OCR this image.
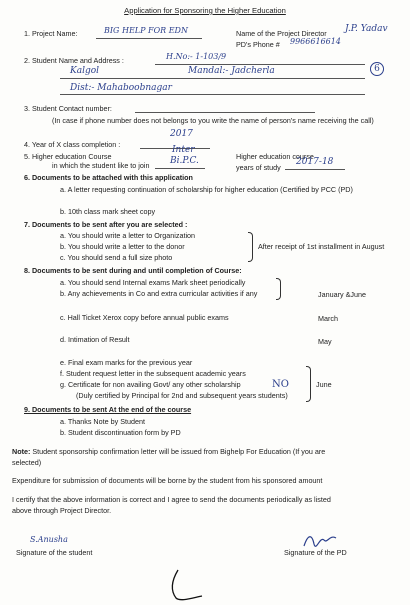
Application for Sponsoring the Higher Education
1. Project Name:	BIG HELP FOR EDN	Name of the Project Director J.P. Yadav
PD's Phone # 9966616614
2. Student Name and Address :	H.No:- 1-103/9
Kalgol	Mandal:- Jadcherla	6
Dist:- Mahaboobnagar
3. Student Contact number:
(In case if phone number does not belongs to you write the name of person's name receiving the call)
4. Year of X class completion :
2017
5. Higher education Course
in which the student like to join
Inter
Bi.P.C.	Higher education course
years of study
2017-18
6. Documents to be attached with this application
a. A letter requesting continuation of scholarship for higher education (Certified by PCC (PD)
b. 10th class mark sheet copy
7. Documents to be sent after you are selected :
a. You should write a letter to Organization
b. You should write a letter to the donor
c. You should send a full size photo
After receipt of 1st installment in August
8. Documents to be sent during and until completion of Course:
a. You should send Internal exams Mark sheet periodically
b. Any achievements in Co and extra curricular activities if any	January &June
c. Hall Ticket Xerox copy before annual public exams	March
d. Intimation of Result	May
e. Final exam marks for the previous year
f. Student request letter in the subsequent academic years
g. Certificate for non availing Govt/ any other scholarship	NO
(Duly certified by Principal for 2nd and subsequent years students)
June
9. Documents to be sent At the end of the course
a. Thanks Note by Student
b. Student discontinuation form by PD
Note: Student sponsorship confirmation letter will be issued from Bighelp For Education (If you are
selected)
Expenditure for submission of documents will be borne by the student from his sponsored amount
I certify that the above information is correct and I agree to send the documents periodically as listed
above through Project Director.
S.Anusha
Signature of the student	Signature of the PD
